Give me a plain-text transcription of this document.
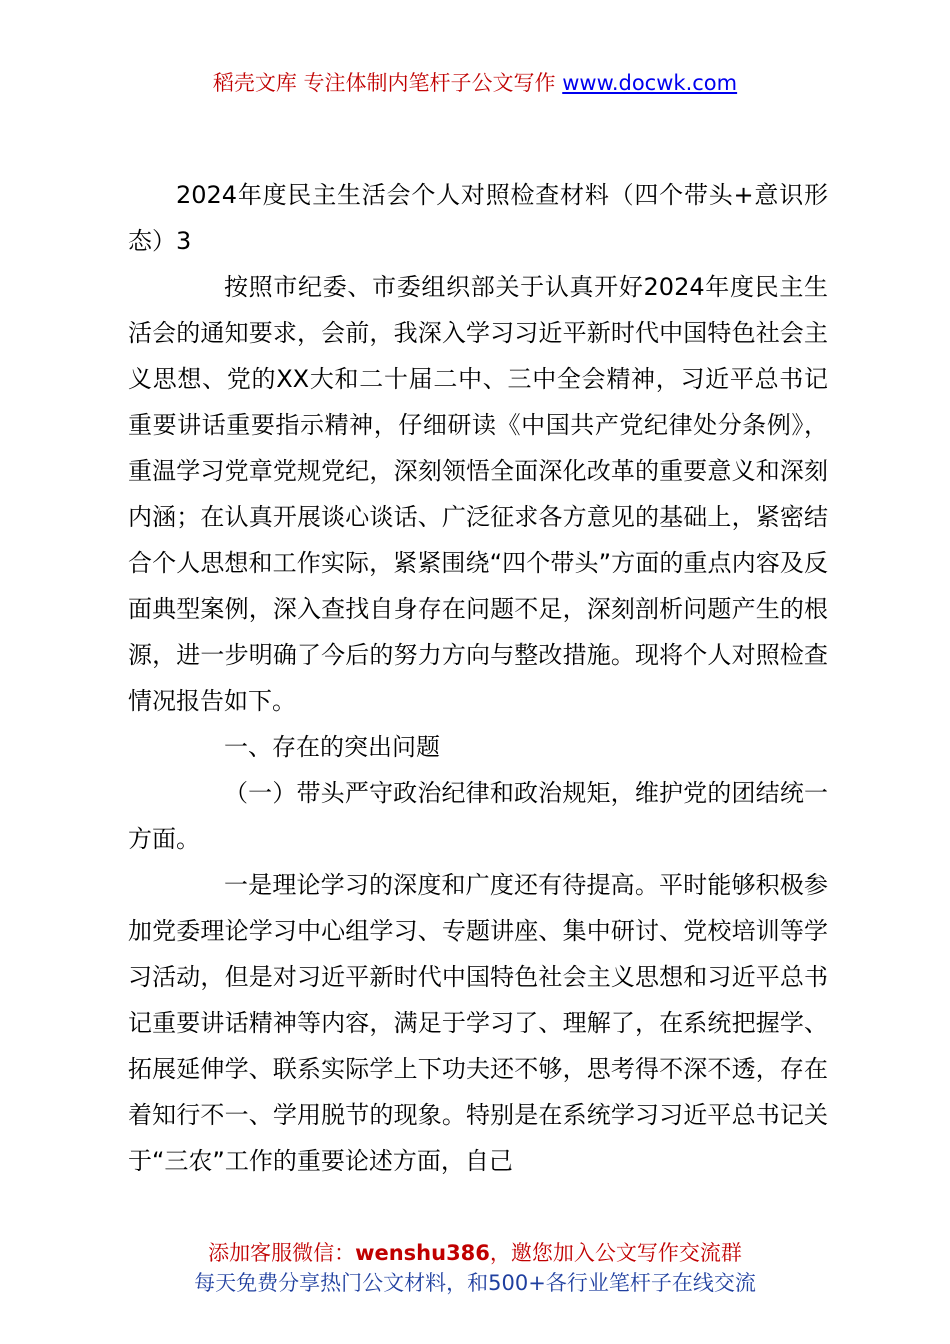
稻壳文库 专注体制内笔杆子公文写作 www.docwk.com

2024年度民主生活会个人对照检查材料（四个带头+意识形态）3

按照市纪委、市委组织部关于认真开好2024年度民主生活会的通知要求，会前，我深入学习习近平新时代中国特色社会主义思想、党的XX大和二十届二中、三中全会精神，习近平总书记重要讲话重要指示精神，仔细研读《中国共产党纪律处分条例》，重温学习党章党规党纪，深刻领悟全面深化改革的重要意义和深刻内涵；在认真开展谈心谈话、广泛征求各方意见的基础上，紧密结合个人思想和工作实际，紧紧围绕“四个带头”方面的重点内容及反面典型案例，深入查找自身存在问题不足，深刻剖析问题产生的根源，进一步明确了今后的努力方向与整改措施。现将个人对照检查情况报告如下。

一、存在的突出问题

（一）带头严守政治纪律和政治规矩，维护党的团结统一方面。

一是理论学习的深度和广度还有待提高。平时能够积极参加党委理论学习中心组学习、专题讲座、集中研讨、党校培训等学习活动，但是对习近平新时代中国特色社会主义思想和习近平总书记重要讲话精神等内容，满足于学习了、理解了，在系统把握学、拓展延伸学、联系实际学上下功夫还不够，思考得不深不透，存在着知行不一、学用脱节的现象。特别是在系统学习习近平总书记关于“三农”工作的重要论述方面，自己

添加客服微信：wenshu386，邀您加入公文写作交流群
每天免费分享热门公文材料，和500+各行业笔杆子在线交流
